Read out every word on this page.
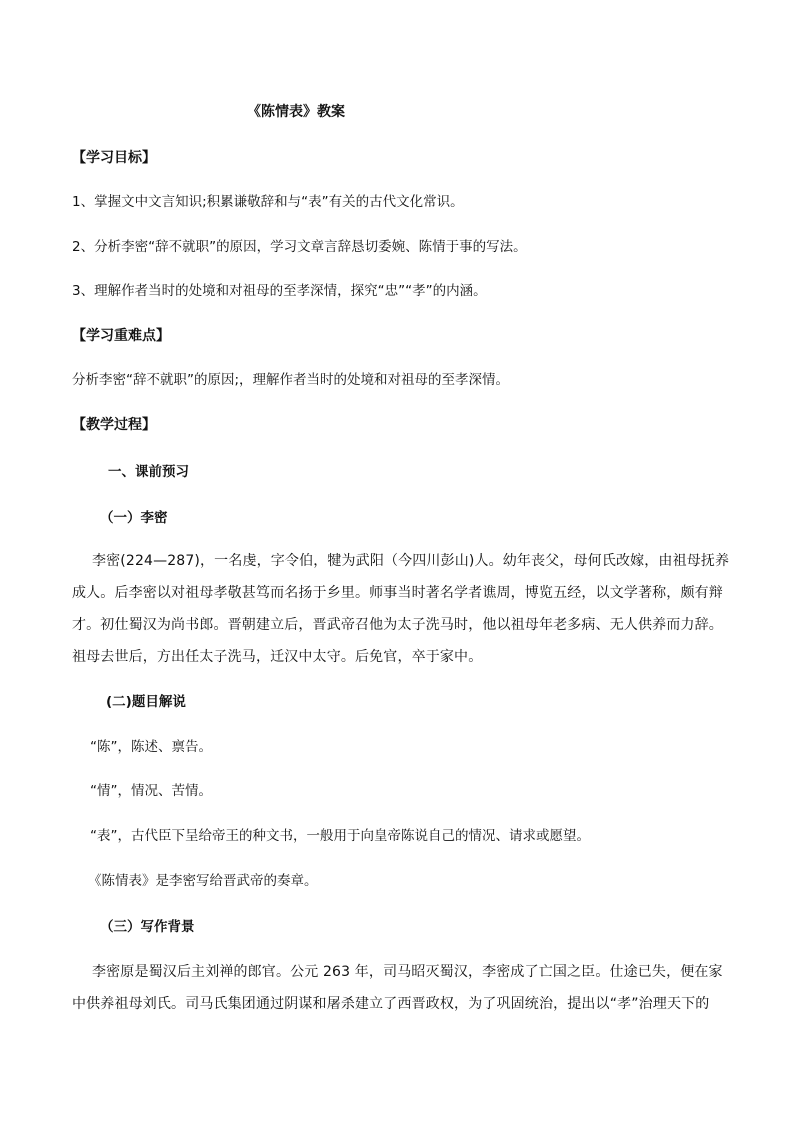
《陈情表》教案
【学习目标】
1、掌握文中文言知识;积累谦敬辞和与“表”有关的古代文化常识。
2、分析李密“辞不就职”的原因，学习文章言辞恳切委婉、陈情于事的写法。
3、理解作者当时的处境和对祖母的至孝深情，探究“忠”“孝”的内涵。
【学习重难点】
分析李密“辞不就职”的原因;，理解作者当时的处境和对祖母的至孝深情。
【教学过程】
一、课前预习
（一）李密
李密(224—287)，一名虔，字令伯，犍为武阳（今四川彭山)人。幼年丧父，母何氏改嫁，由祖母抚养
成人。后李密以对祖母孝敬甚笃而名扬于乡里。师事当时著名学者谯周，博览五经，以文学著称，颇有辩
才。初仕蜀汉为尚书郎。晋朝建立后，晋武帝召他为太子洗马时，他以祖母年老多病、无人供养而力辞。
祖母去世后，方出任太子洗马，迁汉中太守。后免官，卒于家中。
(二)题目解说
“陈”，陈述、禀告。
“情”，情况、苦情。
“表”，古代臣下呈给帝王的种文书，一般用于向皇帝陈说自己的情况、请求或愿望。
《陈情表》是李密写给晋武帝的奏章。
（三）写作背景
李密原是蜀汉后主刘禅的郎官。公元 263 年，司马昭灭蜀汉，李密成了亡国之臣。仕途已失，便在家
中供养祖母刘氏。司马氏集团通过阴谋和屠杀建立了西晋政权，为了巩固统治，提出以“孝”治理天下的
